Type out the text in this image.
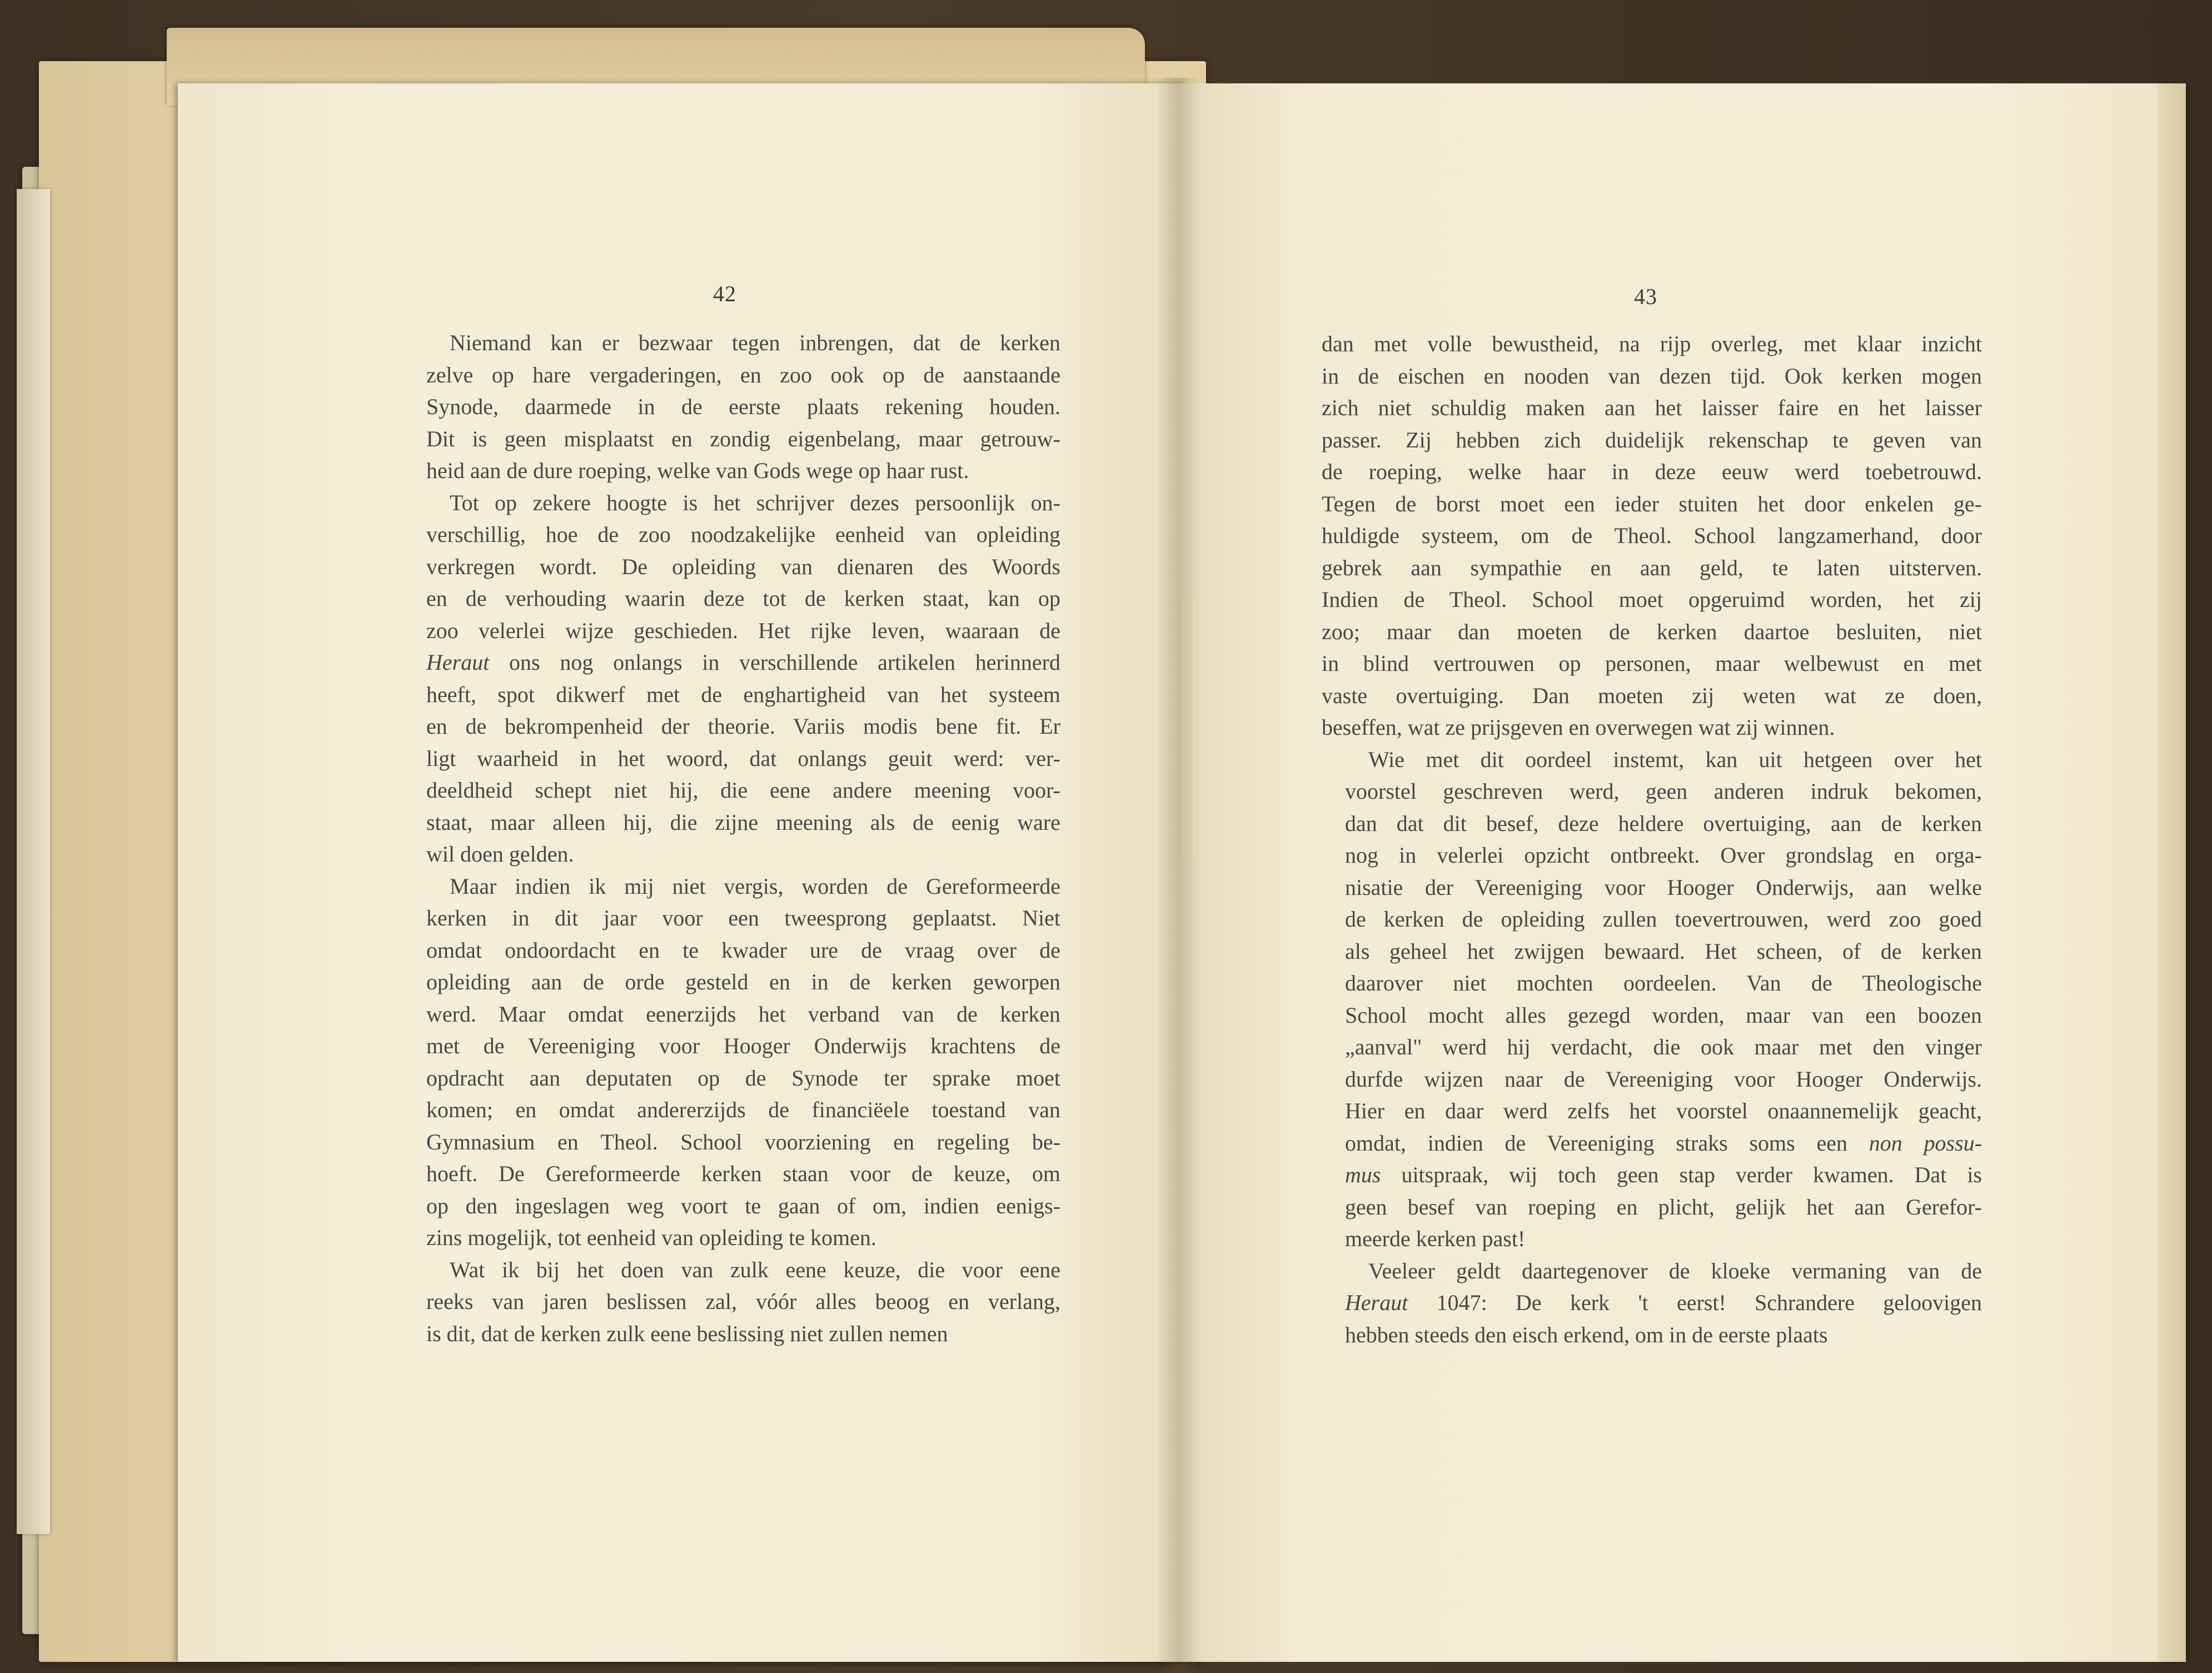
42	43

Niemand kan er bezwaar tegen inbrengen, dat de kerken
zelve op hare vergaderingen, en zoo ook op de aanstaande
Synode, daarmede in de eerste plaats rekening houden.
Dit is geen misplaatst en zondig eigenbelang, maar getrouw-
heid aan de dure roeping, welke van Gods wege op haar rust.

Tot op zekere hoogte is het schrijver dezes persoonlijk on-
verschillig, hoe de zoo noodzakelijke eenheid van opleiding
verkregen wordt. De opleiding van dienaren des Woords
en de verhouding waarin deze tot de kerken staat, kan op
zoo velerlei wijze geschieden. Het rijke leven, waaraan de
Heraut ons nog onlangs in verschillende artikelen herinnerd
heeft, spot dikwerf met de enghartigheid van het systeem
en de bekrompenheid der theorie. Variis modis bene fit. Er
ligt waarheid in het woord, dat onlangs geuit werd: ver-
deeldheid schept niet hij, die eene andere meening voor-
staat, maar alleen hij, die zijne meening als de eenig ware
wil doen gelden.

Maar indien ik mij niet vergis, worden de Gereformeerde
kerken in dit jaar voor een tweesprong geplaatst. Niet
omdat ondoordacht en te kwader ure de vraag over de
opleiding aan de orde gesteld en in de kerken geworpen
werd. Maar omdat eenerzijds het verband van de kerken
met de Vereeniging voor Hooger Onderwijs krachtens de
opdracht aan deputaten op de Synode ter sprake moet
komen; en omdat andererzijds de financiëele toestand van
Gymnasium en Theol. School voorziening en regeling be-
hoeft. De Gereformeerde kerken staan voor de keuze, om
op den ingeslagen weg voort te gaan of om, indien eenigs-
zins mogelijk, tot eenheid van opleiding te komen.

Wat ik bij het doen van zulk eene keuze, die voor eene
reeks van jaren beslissen zal, vóór alles beoog en verlang,
is dit, dat de kerken zulk eene beslissing niet zullen nemen

dan met volle bewustheid, na rijp overleg, met klaar inzicht
in de eischen en nooden van dezen tijd. Ook kerken mogen
zich niet schuldig maken aan het laisser faire en het laisser
passer. Zij hebben zich duidelijk rekenschap te geven van
de roeping, welke haar in deze eeuw werd toebetrouwd.
Tegen de borst moet een ieder stuiten het door enkelen ge-
huldigde systeem, om de Theol. School langzamerhand, door
gebrek aan sympathie en aan geld, te laten uitsterven.
Indien de Theol. School moet opgeruimd worden, het zij
zoo; maar dan moeten de kerken daartoe besluiten, niet
in blind vertrouwen op personen, maar welbewust en met
vaste overtuiging. Dan moeten zij weten wat ze doen,
beseffen, wat ze prijsgeven en overwegen wat zij winnen.

Wie met dit oordeel instemt, kan uit hetgeen over het
voorstel geschreven werd, geen anderen indruk bekomen,
dan dat dit besef, deze heldere overtuiging, aan de kerken
nog in velerlei opzicht ontbreekt. Over grondslag en orga-
nisatie der Vereeniging voor Hooger Onderwijs, aan welke
de kerken de opleiding zullen toevertrouwen, werd zoo goed
als geheel het zwijgen bewaard. Het scheen, of de kerken
daarover niet mochten oordeelen. Van de Theologische
School mocht alles gezegd worden, maar van een boozen
„aanval" werd hij verdacht, die ook maar met den vinger
durfde wijzen naar de Vereeniging voor Hooger Onderwijs.
Hier en daar werd zelfs het voorstel onaannemelijk geacht,
omdat, indien de Vereeniging straks soms een non possu-
mus uitspraak, wij toch geen stap verder kwamen. Dat is
geen besef van roeping en plicht, gelijk het aan Gerefor-
meerde kerken past!

Veeleer geldt daartegenover de kloeke vermaning van de
Heraut 1047: De kerk 't eerst! Schrandere geloovigen
hebben steeds den eisch erkend, om in de eerste plaats
